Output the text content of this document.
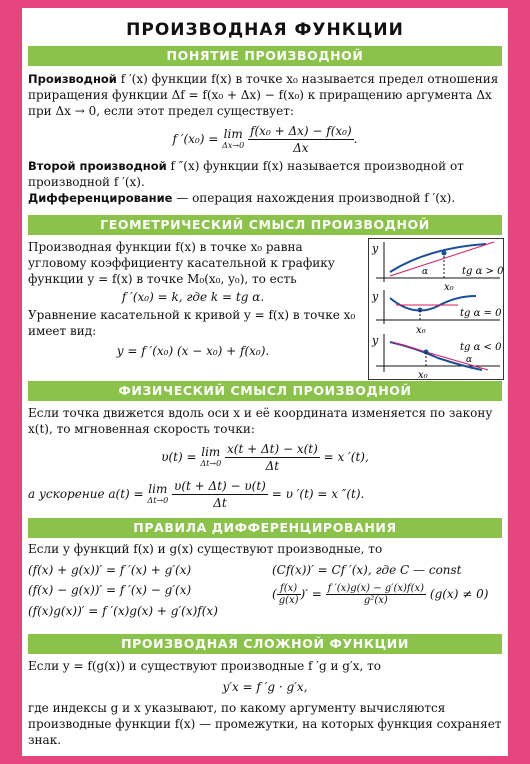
ПРОИЗВОДНАЯ ФУНКЦИИ
ПОНЯТИЕ ПРОИЗВОДНОЙ

Производной f ′(x) функции f(x) в точке x₀ называется предел отношения приращения функции Δf = f(x₀ + Δx) − f(x₀) к приращению аргумента Δx при Δx → 0, если этот предел существует:

f ′(x₀) = lim
Δx→0
$\frac{\text{f(x₀ + Δx) − f(x₀)}}{\Delta x}$ .

Второй производной f ″(x) функции f(x) называется производной от производной f ′(x).

Дифференцирование — операция нахождения производной f ′(x).

ГЕОМЕТРИЧЕСКИЙ СМЫСЛ ПРОИЗВОДНОЙ

Производная функции f(x) в точке x₀ равна угловому коэффициенту касательной к графику функции y = f(x) в точке M₀(x₀, y₀), то есть

f ′(x₀) = k, где k = tg α.

Уравнение касательной к кривой y = f(x) в точке x₀ имеет вид:

y = f ′(x₀) (x − x₀) + f(x₀).
y
α
x₀
tg α > 0
y
x₀
tg α = 0
y
x₀
α
tg α < 0
ФИЗИЧЕСКИЙ СМЫСЛ ПРОИЗВОДНОЙ

Если точка движется вдоль оси x и её координата изменяется по закону x(t), то мгновенная скорость точки:

υ(t) = lim
Δt→0
$\frac{x(t + \Delta t) - x(t)}{\Delta t} = x$ ′(t),
а ускорение a(t) = lim
Δt→0
$\frac{\upsilon(t + \Delta t) - \upsilon(t)}{\Delta t} = \upsilon$ ′(t) = x ″(t).
ПРАВИЛА ДИФФЕРЕНЦИРОВАНИЯ
Если у функций f(x) и g(x) существуют производные, то
(f(x) + g(x))′ = f ′(x) + g′(x)
(f(x) − g(x))′ = f ′(x) − g′(x)
(f(x)g(x))′ = f ′(x)g(x) + g′(x)f(x)
(Cf(x))′ = Cf ′(x), где C — const
( $\frac{f(x)}{g(x)}$ )′ = $\frac{f '(x)g(x) - g'(x)f(x)}{\text{g²(x)}} (g(x) \ne 0)$
ПРОИЗВОДНАЯ СЛОЖНОЙ ФУНКЦИИ

Если y = f(g(x)) и существуют производные f ′g и g′x, то

y′x = f ′g · g′x,

где индексы g и x указывают, по какому аргументу вычисляются производные функции f(x) — промежутки, на которых функция сохраняет знак.
